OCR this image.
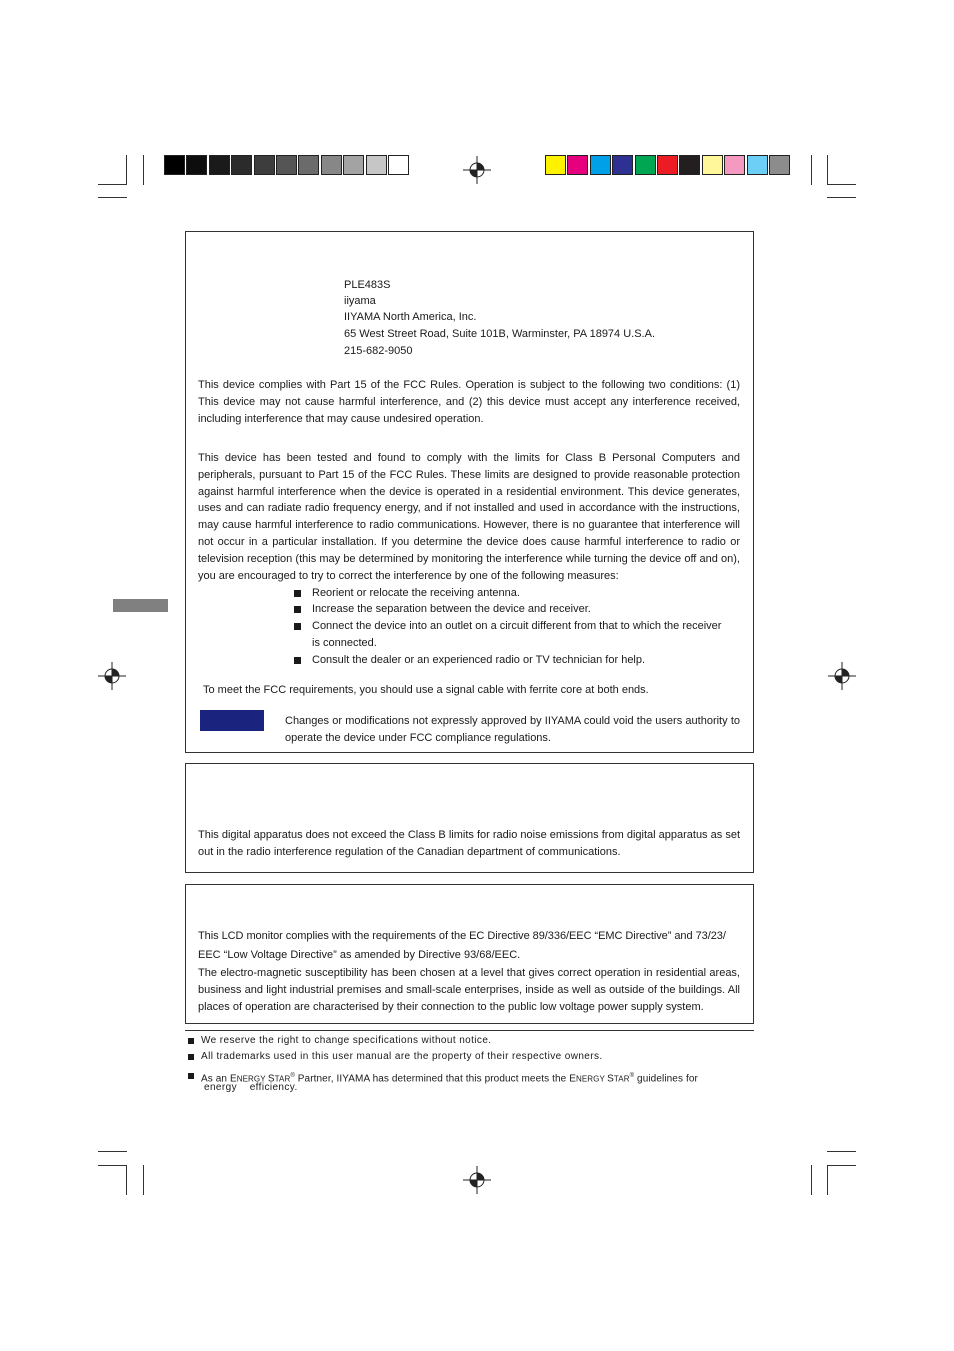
PLE483S
iiyama
IIYAMA North America, Inc.
65 West Street Road, Suite 101B, Warminster, PA 18974 U.S.A.
215-682-9050
This device complies with Part 15 of the FCC Rules. Operation is subject to the following two conditions: (1) This device may not cause harmful interference, and (2) this device must accept any interference received, including interference that may cause undesired operation.
This device has been tested and found to comply with the limits for Class B Personal Computers and peripherals, pursuant to Part 15 of the FCC Rules. These limits are designed to provide reasonable protection against harmful interference when the device is operated in a residential environment. This device generates, uses and can radiate radio frequency energy, and if not installed and used in accordance with the instructions, may cause harmful interference to radio communications. However, there is no guarantee that interference will not occur in a particular installation. If you determine the device does cause harmful interference to radio or television reception (this may be determined by monitoring the interference while turning the device off and on), you are encouraged to try to correct the interference by one of the following measures:
Reorient or relocate the receiving antenna.
Increase the separation between the device and receiver.
Connect the device into an outlet on a circuit different from that to which the receiver
is connected.
Consult the dealer or an experienced radio or TV technician for help.
To meet the FCC requirements, you should use a signal cable with ferrite core at both ends.
Changes or modifications not expressly approved by IIYAMA could void the users authority to operate the device under FCC compliance regulations.
This digital apparatus does not exceed the Class B limits for radio noise emissions from digital apparatus as set out in the radio interference regulation of the Canadian department of communications.
This LCD monitor complies with the requirements of the EC Directive 89/336/EEC “EMC Directive” and 73/23/
EEC “Low Voltage Directive” as amended by Directive 93/68/EEC.
The electro-magnetic susceptibility has been chosen at a level that gives correct operation in residential areas, business and light industrial premises and small-scale enterprises, inside as well as outside of the buildings. All places of operation are characterised by their connection to the public low voltage power supply system.
We reserve the right to change specifications without notice.
All trademarks used in this user manual are the property of their respective owners.
As an ENERGY STAR® Partner, IIYAMA has determined that this product meets the ENERGY STAR® guidelines for
energy    efficiency.
